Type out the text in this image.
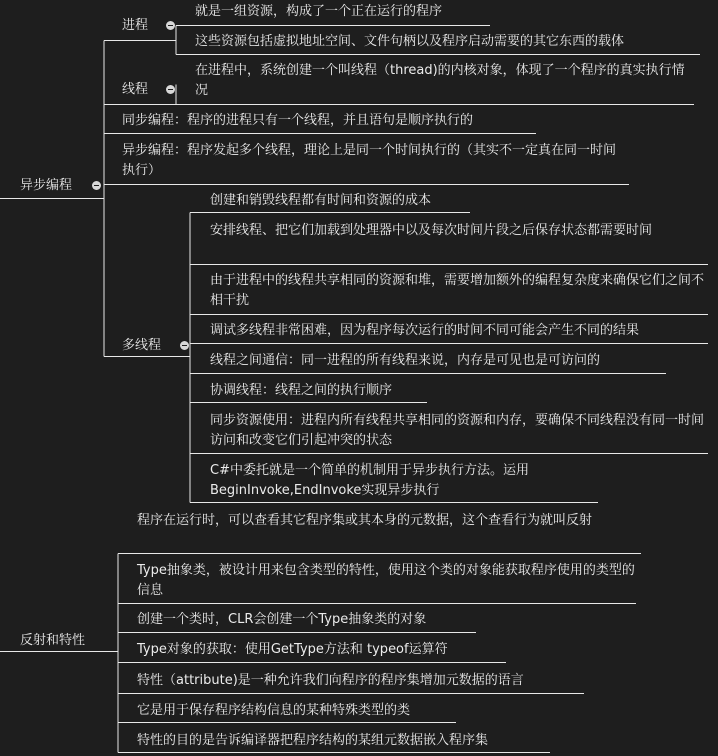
异步编程
进程
就是一组资源，构成了一个正在运行的程序
这些资源包括虚拟地址空间、文件句柄以及程序启动需要的其它东西的载体
线程
在进程中，系统创建一个叫线程（thread)的内核对象，体现了一个程序的真实执行情况
同步编程：程序的进程只有一个线程，并且语句是顺序执行的
异步编程：程序发起多个线程，理论上是同一个时间执行的（其实不一定真在同一时间执行）
多线程
创建和销毁线程都有时间和资源的成本
安排线程、把它们加载到处理器中以及每次时间片段之后保存状态都需要时间
由于进程中的线程共享相同的资源和堆，需要增加额外的编程复杂度来确保它们之间不相干扰
调试多线程非常困难，因为程序每次运行的时间不同可能会产生不同的结果
线程之间通信：同一进程的所有线程来说，内存是可见也是可访问的
协调线程：线程之间的执行顺序
同步资源使用：进程内所有线程共享相同的资源和内存，要确保不同线程没有同一时间访问和改变它们引起冲突的状态
C#中委托就是一个简单的机制用于异步执行方法。运用BeginInvoke,EndInvoke实现异步执行
反射和特性
程序在运行时，可以查看其它程序集或其本身的元数据，这个查看行为就叫反射
Type抽象类，被设计用来包含类型的特性，使用这个类的对象能获取程序使用的类型的信息
创建一个类时，CLR会创建一个Type抽象类的对象
Type对象的获取：使用GetType方法和 typeof运算符
特性（attribute)是一种允许我们向程序的程序集增加元数据的语言
它是用于保存程序结构信息的某种特殊类型的类
特性的目的是告诉编译器把程序结构的某组元数据嵌入程序集
